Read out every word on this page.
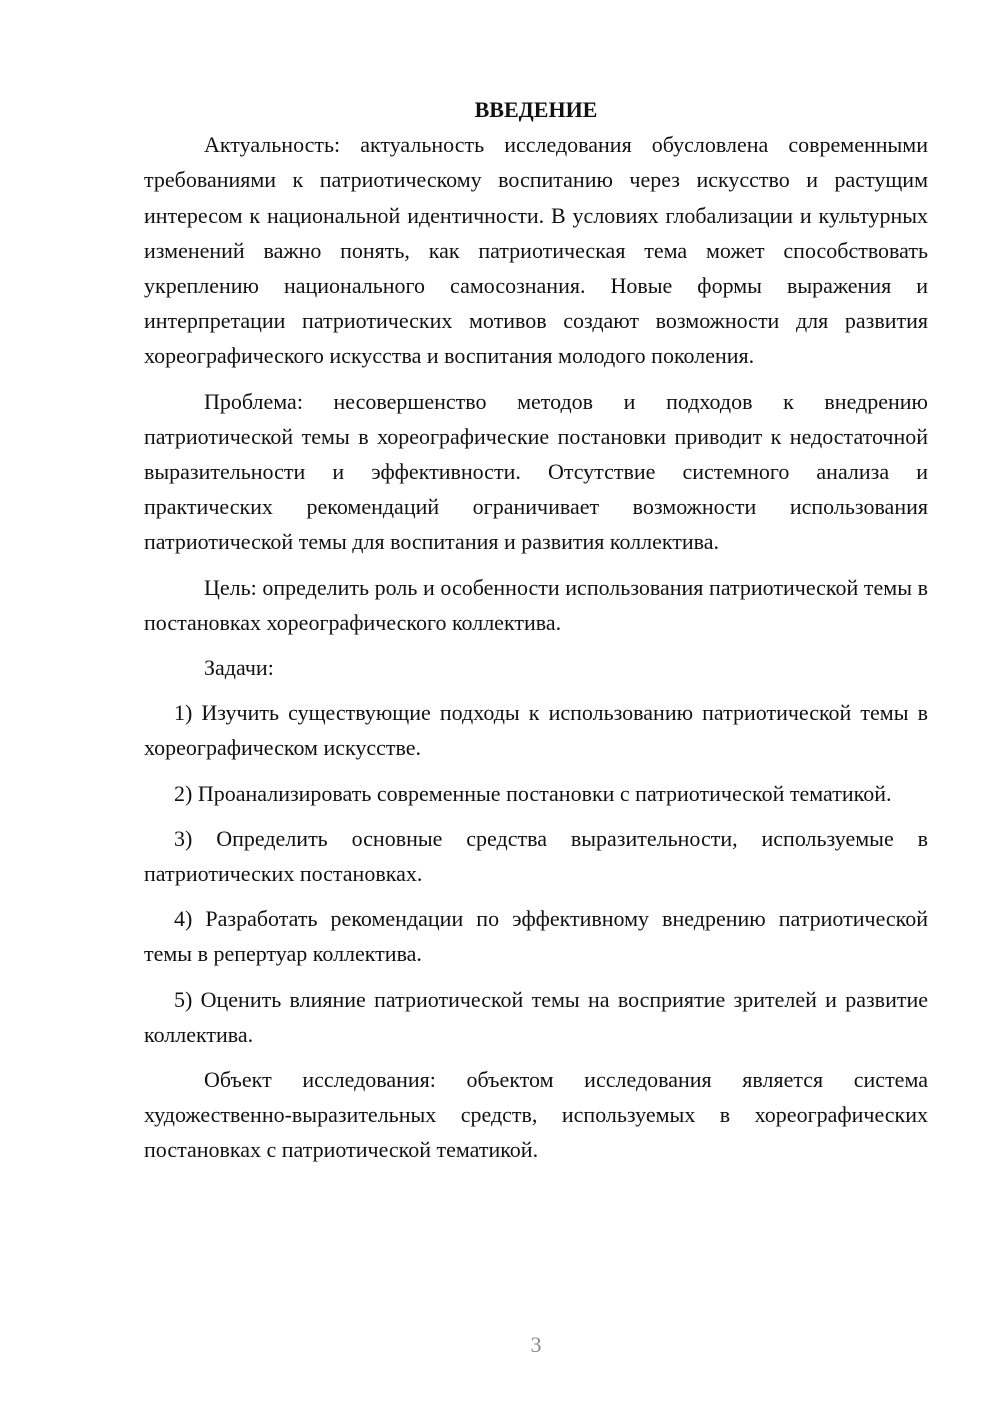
ВВЕДЕНИЕ

Актуальность: актуальность исследования обусловлена современными требованиями к патриотическому воспитанию через искусство и растущим интересом к национальной идентичности. В условиях глобализации и культурных изменений важно понять, как патриотическая тема может способствовать укреплению национального самосознания. Новые формы выражения и интерпретации патриотических мотивов создают возможности для развития хореографического искусства и воспитания молодого поколения.

Проблема: несовершенство методов и подходов к внедрению патриотической темы в хореографические постановки приводит к недостаточной выразительности и эффективности. Отсутствие системного анализа и практических рекомендаций ограничивает возможности использования патриотической темы для воспитания и развития коллектива.

Цель: определить роль и особенности использования патриотической темы в постановках хореографического коллектива.

Задачи:

1) Изучить существующие подходы к использованию патриотической темы в хореографическом искусстве.

2) Проанализировать современные постановки с патриотической тематикой.

3) Определить основные средства выразительности, используемые в патриотических постановках.

4) Разработать рекомендации по эффективному внедрению патриотической темы в репертуар коллектива.

5) Оценить влияние патриотической темы на восприятие зрителей и развитие коллектива.

Объект исследования: объектом исследования является система художественно-выразительных средств, используемых в хореографических постановках с патриотической тематикой.

3
